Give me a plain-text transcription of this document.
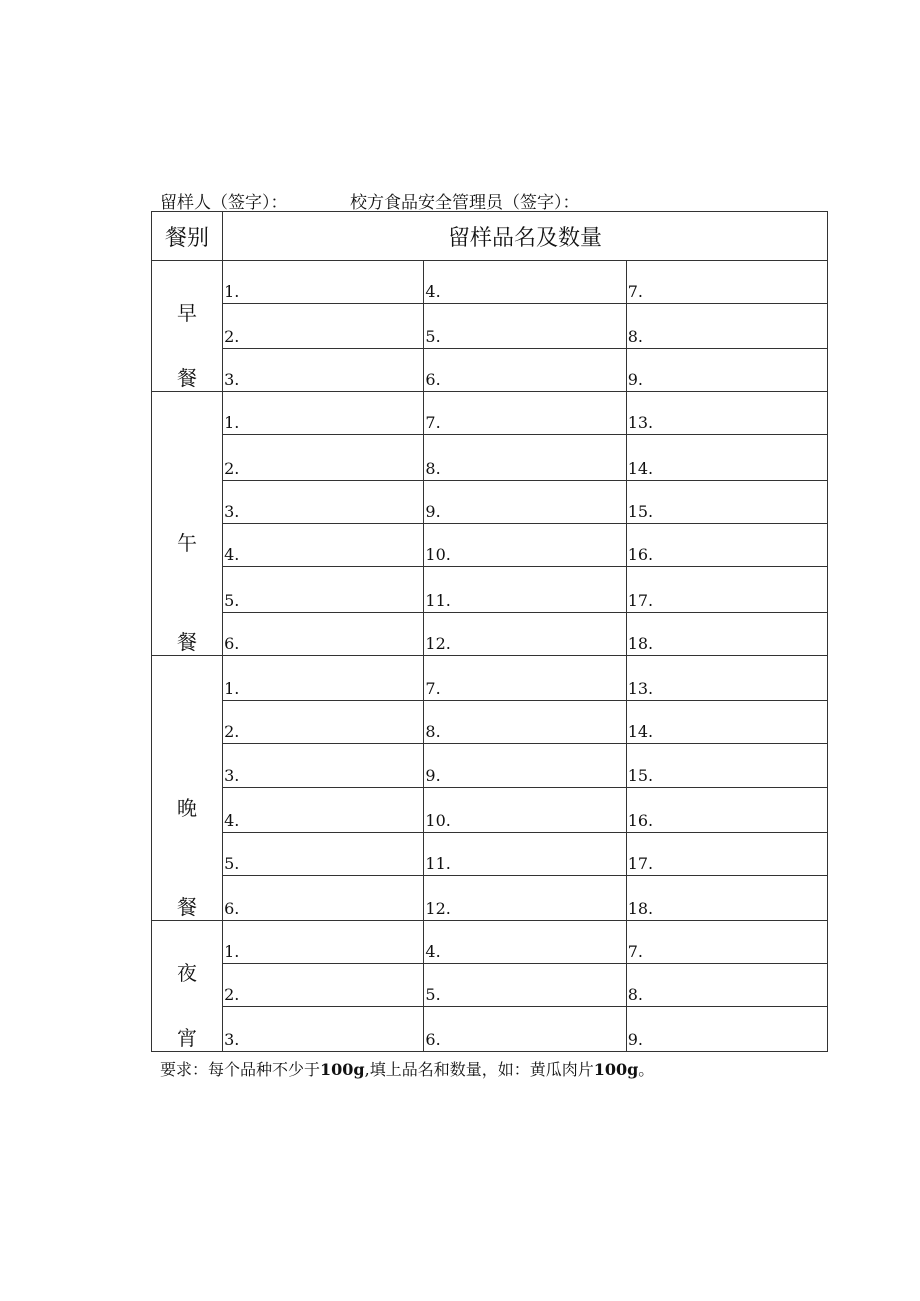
留样人（签字）：	校方食品安全管理员（签字）：
餐别	留样品名及数量		

早
餐	1.	4.	7.
	2.	5.	8.
	3.	6.	9.

午
餐	1.	7.	13.
	2.	8.	14.
	3.	9.	15.
	4.	10.	16.
	5.	11.	17.
	6.	12.	18.

晚
餐	1.	7.	13.
	2.	8.	14.
	3.	9.	15.
	4.	10.	16.
	5.	11.	17.
	6.	12.	18.

夜
宵	1.	4.	7.
	2.	5.	8.
	3.	6.	9.
要求：每个品种不少于100g,填上品名和数量，如：黄瓜肉片100g。
